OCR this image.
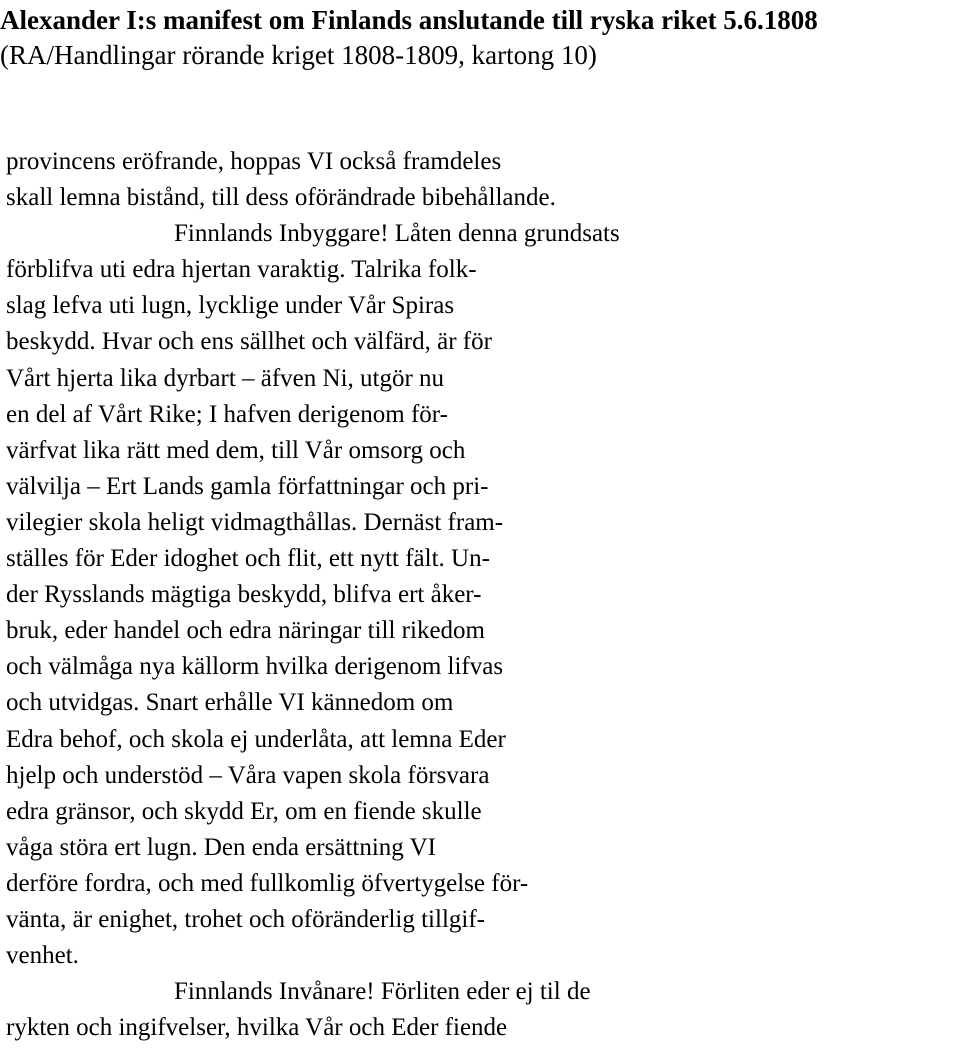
Alexander I:s manifest om Finlands anslutande till ryska riket 5.6.1808

(RA/Handlingar rörande kriget 1808-1809, kartong 10)

provincens eröfrande, hoppas VI också framdeles
skall lemna bistånd, till dess oförändrade bibehållande.
Finnlands Inbyggare! Låten denna grundsats
förblifva uti edra hjertan varaktig. Talrika folk-
slag lefva uti lugn, lycklige under Vår Spiras
beskydd. Hvar och ens sällhet och välfärd, är för
Vårt hjerta lika dyrbart – äfven Ni, utgör nu
en del af Vårt Rike; I hafven derigenom för-
värfvat lika rätt med dem, till Vår omsorg och
välvilja – Ert Lands gamla författningar och pri-
vilegier skola heligt vidmagthållas. Dernäst fram-
ställes för Eder idoghet och flit, ett nytt fält. Un-
der Rysslands mägtiga beskydd, blifva ert åker-
bruk, eder handel och edra näringar till rikedom
och välmåga nya källorm hvilka derigenom lifvas
och utvidgas. Snart erhålle VI kännedom om
Edra behof, och skola ej underlåta, att lemna Eder
hjelp och understöd – Våra vapen skola försvara
edra gränsor, och skydd Er, om en fiende skulle
våga störa ert lugn. Den enda ersättning VI
derföre fordra, och med fullkomlig öfvertygelse för-
vänta, är enighet, trohet och oföränderlig tillgif-
venhet.
Finnlands Invånare! Förliten eder ej til de
rykten och ingifvelser, hvilka Vår och Eder fiende
